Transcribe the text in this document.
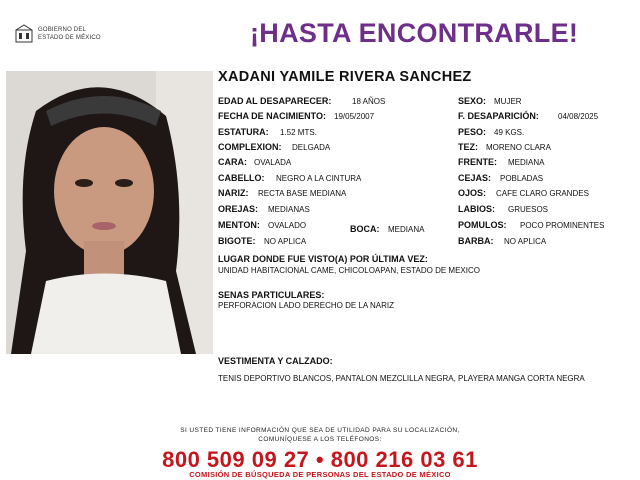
GOBIERNO DEL
ESTADO DE MÉXICO	¡HASTA ENCONTRARLE!
XADANI YAMILE RIVERA SANCHEZ
EDAD AL DESAPARECER:	18 AÑOS
FECHA DE NACIMIENTO: 19/05/2007
ESTATURA: 1.52 MTS.
COMPLEXION: DELGADA
CARA: OVALADA
CABELLO: NEGRO A LA CINTURA
NARIZ: RECTA BASE MEDIANA
OREJAS: MEDIANAS
MENTON: OVALADO	BOCA: MEDIANA
BIGOTE: NO APLICA
SEXO: MUJER
F. DESAPARICIÓN: 04/08/2025
PESO: 49 KGS.
TEZ: MORENO CLARA
FRENTE: MEDIANA
CEJAS: POBLADAS
OJOS: CAFE CLARO GRANDES
LABIOS: GRUESOS
POMULOS: POCO PROMINENTES
BARBA: NO APLICA
LUGAR DONDE FUE VISTO(A) POR ÚLTIMA VEZ:
UNIDAD HABITACIONAL CAME, CHICOLOAPAN, ESTADO DE MEXICO
SENAS PARTICULARES:
PERFORACION LADO DERECHO DE LA NARIZ
VESTIMENTA Y CALZADO:
TENIS DEPORTIVO BLANCOS, PANTALON MEZCLILLA NEGRA, PLAYERA MANGA CORTA NEGRA
SI USTED TIENE INFORMACIÓN QUE SEA DE UTILIDAD PARA SU LOCALIZACIÓN,
COMUNÍQUESE A LOS TELÉFONOS:
800 509 09 27 • 800 216 03 61
COMISIÓN DE BÚSQUEDA DE PERSONAS DEL ESTADO DE MÉXICO
